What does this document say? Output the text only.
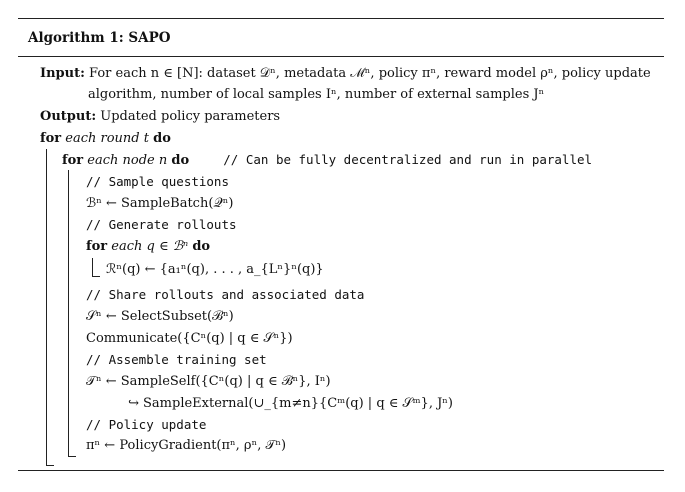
Algorithm 1: SAPO
Input: For each n ∈ [N]: dataset 𝒟ⁿ, metadata ℳⁿ, policy πⁿ, reward model ρⁿ, policy update
algorithm, number of local samples Iⁿ, number of external samples Jⁿ
Output: Updated policy parameters
for each round t do
for each node n do	// Can be fully decentralized and run in parallel
// Sample questions
ℬⁿ ← SampleBatch(𝒬ⁿ)
// Generate rollouts
for each q ∈ ℬⁿ do
ℛⁿ(q) ← {a₁ⁿ(q), . . . , a_{Lⁿ}ⁿ(q)}
// Share rollouts and associated data
𝒮ⁿ ← SelectSubset(ℬⁿ)
Communicate({Cⁿ(q) | q ∈ 𝒮ⁿ})
// Assemble training set
𝒯ⁿ ← SampleSelf({Cⁿ(q) | q ∈ ℬⁿ}, Iⁿ)
↪ SampleExternal(∪_{m≠n}{Cᵐ(q) | q ∈ 𝒮ᵐ}, Jⁿ)
// Policy update
πⁿ ← PolicyGradient(πⁿ, ρⁿ, 𝒯ⁿ)
